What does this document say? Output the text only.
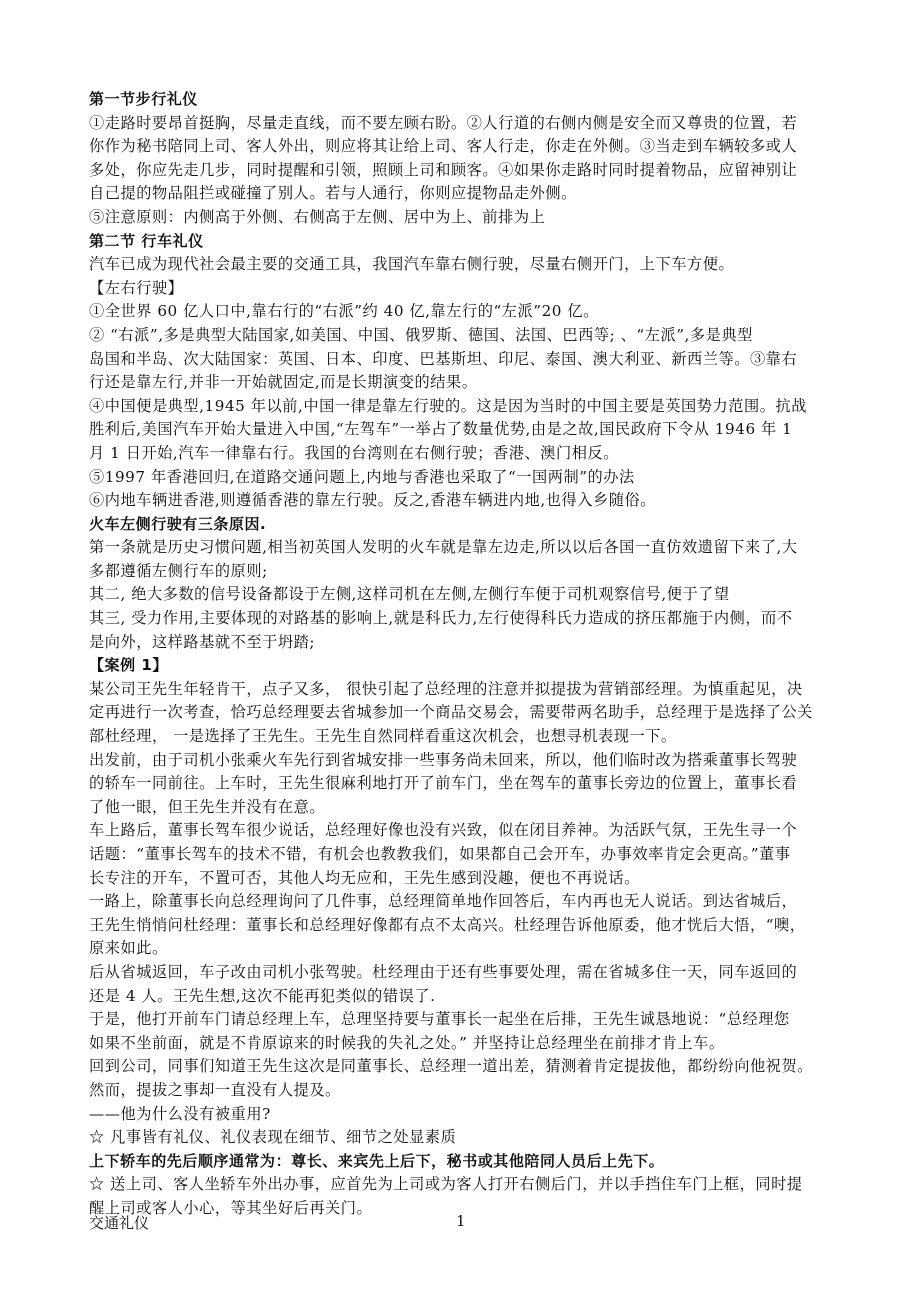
第一节步行礼仪
①走路时要昂首挺胸，尽量走直线，而不要左顾右盼。②人行道的右侧内侧是安全而又尊贵的位置，若
你作为秘书陪同上司、客人外出，则应将其让给上司、客人行走，你走在外侧。③当走到车辆较多或人
多处，你应先走几步，同时提醒和引领，照顾上司和顾客。④如果你走路时同时提着物品，应留神别让
自己提的物品阻拦或碰撞了别人。若与人通行，你则应提物品走外侧。
⑤注意原则：内侧高于外侧、右侧高于左侧、居中为上、前排为上
第二节 行车礼仪
汽车已成为现代社会最主要的交通工具，我国汽车靠右侧行驶，尽量右侧开门，上下车方便。
【左右行驶】
①全世界 60 亿人口中,靠右行的“右派”约 40 亿,靠左行的“左派”20 亿。
② “右派”,多是典型大陆国家,如美国、中国、俄罗斯、德国、法国、巴西等; 、“左派”,多是典型
岛国和半岛、次大陆国家：英国、日本、印度、巴基斯坦、印尼、泰国、澳大利亚、新西兰等。③靠右
行还是靠左行,并非一开始就固定,而是长期演变的结果。
④中国便是典型,1945 年以前,中国一律是靠左行驶的。这是因为当时的中国主要是英国势力范围。抗战
胜利后,美国汽车开始大量进入中国,“左驾车”一举占了数量优势,由是之故,国民政府下令从 1946 年 1
月 1 日开始,汽车一律靠右行。我国的台湾则在右侧行驶；香港、澳门相反。
⑤1997 年香港回归,在道路交通问题上,内地与香港也采取了“一国两制”的办法
⑥内地车辆进香港,则遵循香港的靠左行驶。反之,香港车辆进内地,也得入乡随俗。
火车左侧行驶有三条原因.
第一条就是历史习惯问题,相当初英国人发明的火车就是靠左边走,所以以后各国一直仿效遗留下来了,大
多都遵循左侧行车的原则;
其二, 绝大多数的信号设备都设于左侧,这样司机在左侧,左侧行车便于司机观察信号,便于了望
其三, 受力作用,主要体现的对路基的影响上,就是科氏力,左行使得科氏力造成的挤压都施于内侧，而不
是向外，这样路基就不至于坍踏;
【案例 1】
某公司王先生年轻肯干，点子又多， 很快引起了总经理的注意并拟提拔为营销部经理。为慎重起见，决
定再进行一次考查，恰巧总经理要去省城参加一个商品交易会，需要带两名助手，总经理于是选择了公关
部杜经理， 一是选择了王先生。王先生自然同样看重这次机会，也想寻机表现一下。
出发前，由于司机小张乘火车先行到省城安排一些事务尚未回来，所以，他们临时改为搭乘董事长驾驶
的轿车一同前往。上车时，王先生很麻利地打开了前车门，坐在驾车的董事长旁边的位置上，董事长看
了他一眼，但王先生并没有在意。
车上路后，董事长驾车很少说话，总经理好像也没有兴致，似在闭目养神。为活跃气氛，王先生寻一个
话题：“董事长驾车的技术不错，有机会也教教我们，如果都自己会开车，办事效率肯定会更高。”董事
长专注的开车，不置可否，其他人均无应和，王先生感到没趣，便也不再说话。
一路上，除董事长向总经理询问了几件事，总经理简单地作回答后，车内再也无人说话。到达省城后，
王先生悄悄问杜经理：董事长和总经理好像都有点不太高兴。杜经理告诉他原委，他才恍后大悟，“噢，
原来如此。
后从省城返回，车子改由司机小张驾驶。杜经理由于还有些事要处理，需在省城多住一天，同车返回的
还是 4 人。王先生想,这次不能再犯类似的错误了.
于是，他打开前车门请总经理上车，总理坚持要与董事长一起坐在后排，王先生诚恳地说：“总经理您
如果不坐前面，就是不肯原谅来的时候我的失礼之处。” 并坚持让总经理坐在前排才肯上车。
回到公司，同事们知道王先生这次是同董事长、总经理一道出差，猜测着肯定提拔他，都纷纷向他祝贺。
然而，提拔之事却一直没有人提及。
——他为什么没有被重用?
☆ 凡事皆有礼仪、礼仪表现在细节、细节之处显素质
上下轿车的先后顺序通常为：尊长、来宾先上后下，秘书或其他陪同人员后上先下。
☆ 送上司、客人坐轿车外出办事，应首先为上司或为客人打开右侧后门，并以手挡住车门上框，同时提
醒上司或客人小心，等其坐好后再关门。
交通礼仪	1
